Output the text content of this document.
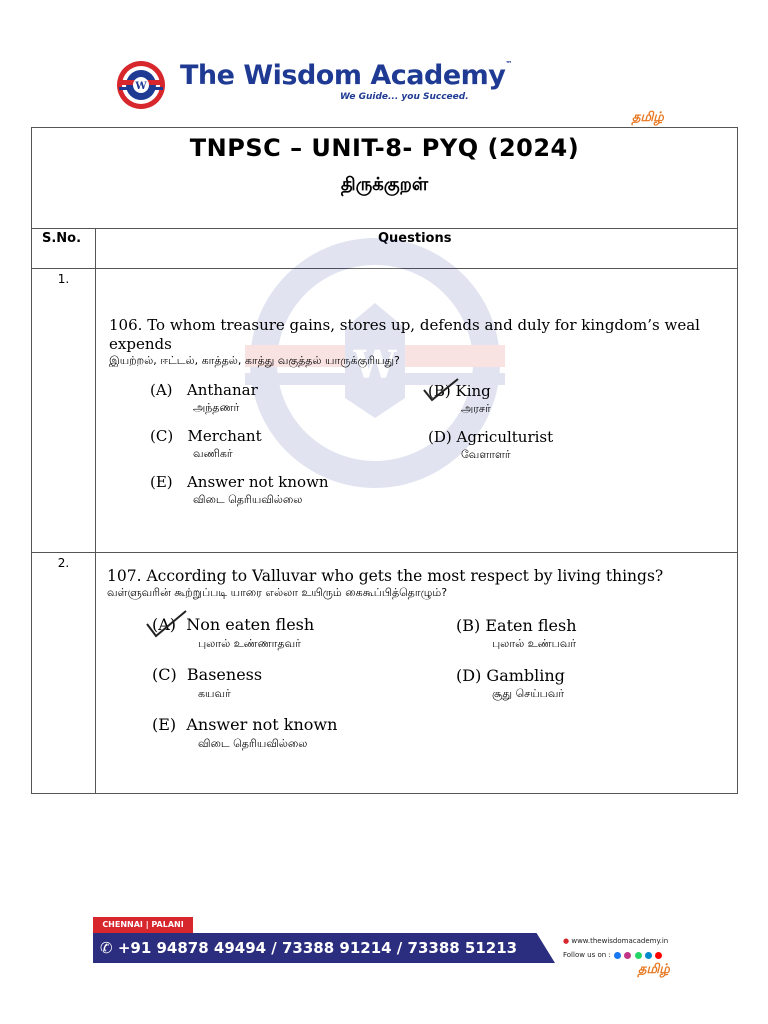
W The Wisdom Academy™
We Guide... you Succeed.
தமிழ்
TNPSC – UNIT-8- PYQ (2024)
திருக்குறள்
S.No.	Questions
1.
2.
W
106. To whom treasure gains, stores up, defends and duly for kingdom’s weal expends
இயற்றல், ஈட்டல், காத்தல், காத்து வகுத்தல் யாருக்குரியது?
(A) Anthanar
அந்தணர்
(B) King
அரசர்
(C) Merchant
வணிகர்
(D) Agriculturist
வேளாளர்
(E) Answer not known
விடை தெரியவில்லை
107. According to Valluvar who gets the most respect by living things?
வள்ளுவரின் கூற்றுப்படி யாரை எல்லா உயிரும் கைகூப்பித்தொழும்?
(A) Non eaten flesh
புலால் உண்ணாதவர்
(B) Eaten flesh
புலால் உண்பவர்
(C) Baseness
கயவர்
(D) Gambling
சூது செய்பவர்
(E) Answer not known
விடை தெரியவில்லை
CHENNAI | PALANI
✆ +91 94878 49494 / 73388 91214 / 73388 51213	● www.thewisdomacademy.in
Follow us on :
தமிழ்
